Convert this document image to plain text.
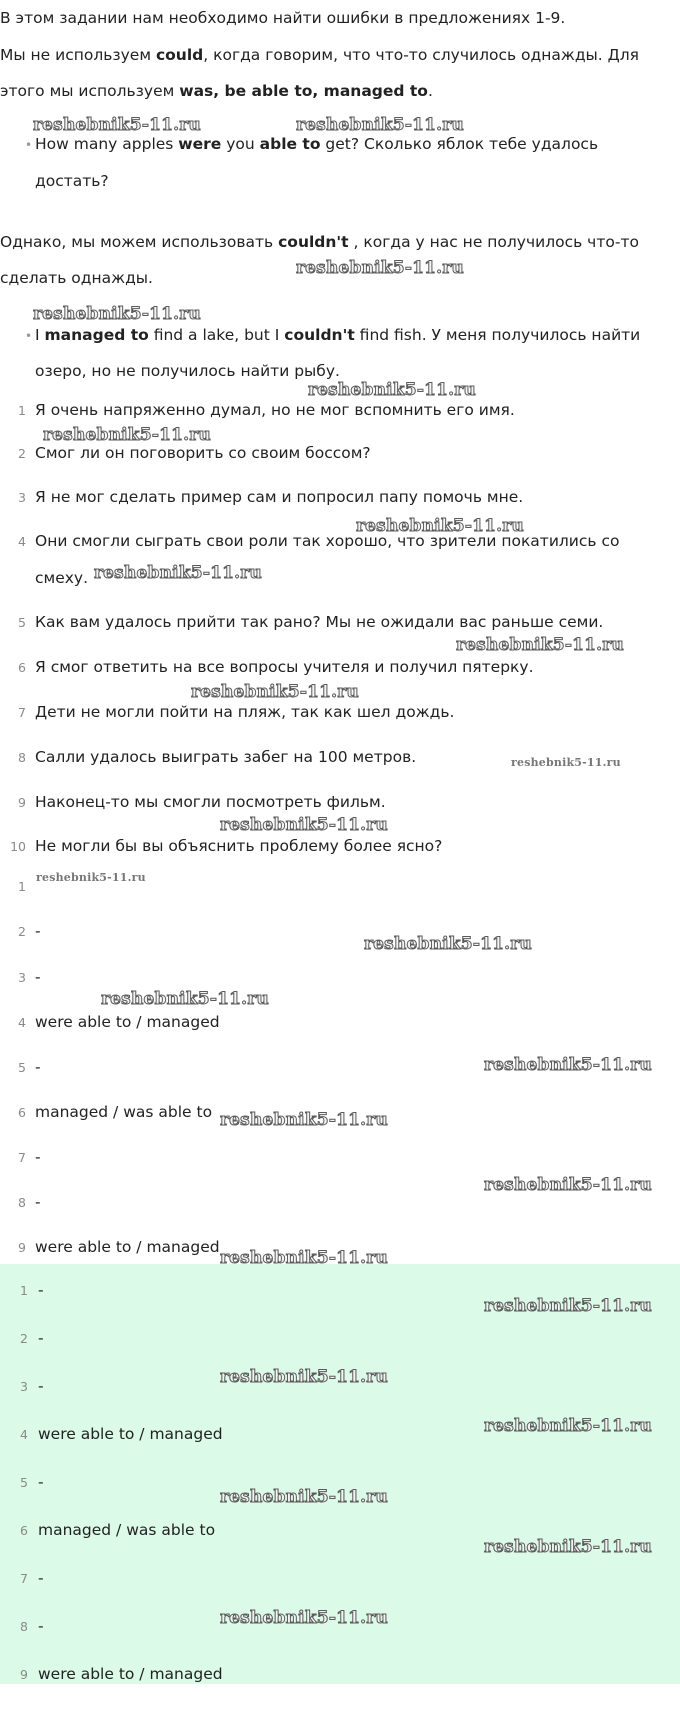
В этом задании нам необходимо найти ошибки в предложениях 1-9.
Мы не используем could, когда говорим, что что-то случилось однажды. Для
этого мы используем was, be able to, managed to.
• How many apples were you able to get? Сколько яблок тебе удалось
достать?
Однако, мы можем использовать couldn't , когда у нас не получилось что-то
сделать однажды.
• I managed to find a lake, but I couldn't find fish. У меня получилось найти
озеро, но не получилось найти рыбу.
1 Я очень напряженно думал, но не мог вспомнить его имя.
2 Смог ли он поговорить со своим боссом?
3 Я не мог сделать пример сам и попросил папу помочь мне.
4 Они смогли сыграть свои роли так хорошо, что зрители покатились со
смеху.
5 Как вам удалось прийти так рано? Мы не ожидали вас раньше семи.
6 Я смог ответить на все вопросы учителя и получил пятерку.
7 Дети не могли пойти на пляж, так как шел дождь.
8 Салли удалось выиграть забег на 100 метров.
9 Наконец-то мы смогли посмотреть фильм.
10 Не могли бы вы объяснить проблему более ясно?
1
2 -
3 -
4 were able to / managed
5 -
6 managed / was able to
7 -
8 -
9 were able to / managed
1 -
2 -
3 -
4 were able to / managed
5 -
6 managed / was able to
7 -
8 -
9 were able to / managed
reshebnik5-11.ru	reshebnik5-11.ru
reshebnik5-11.ru
reshebnik5-11.ru
reshebnik5-11.ru
reshebnik5-11.ru
reshebnik5-11.ru
reshebnik5-11.ru
reshebnik5-11.ru
reshebnik5-11.ru
reshebnik5-11.ru
reshebnik5-11.ru
reshebnik5-11.ru
reshebnik5-11.ru
reshebnik5-11.ru
reshebnik5-11.ru
reshebnik5-11.ru
reshebnik5-11.ru
reshebnik5-11.ru
reshebnik5-11.ru
reshebnik5-11.ru
reshebnik5-11.ru
reshebnik5-11.ru
reshebnik5-11.ru
reshebnik5-11.ru
